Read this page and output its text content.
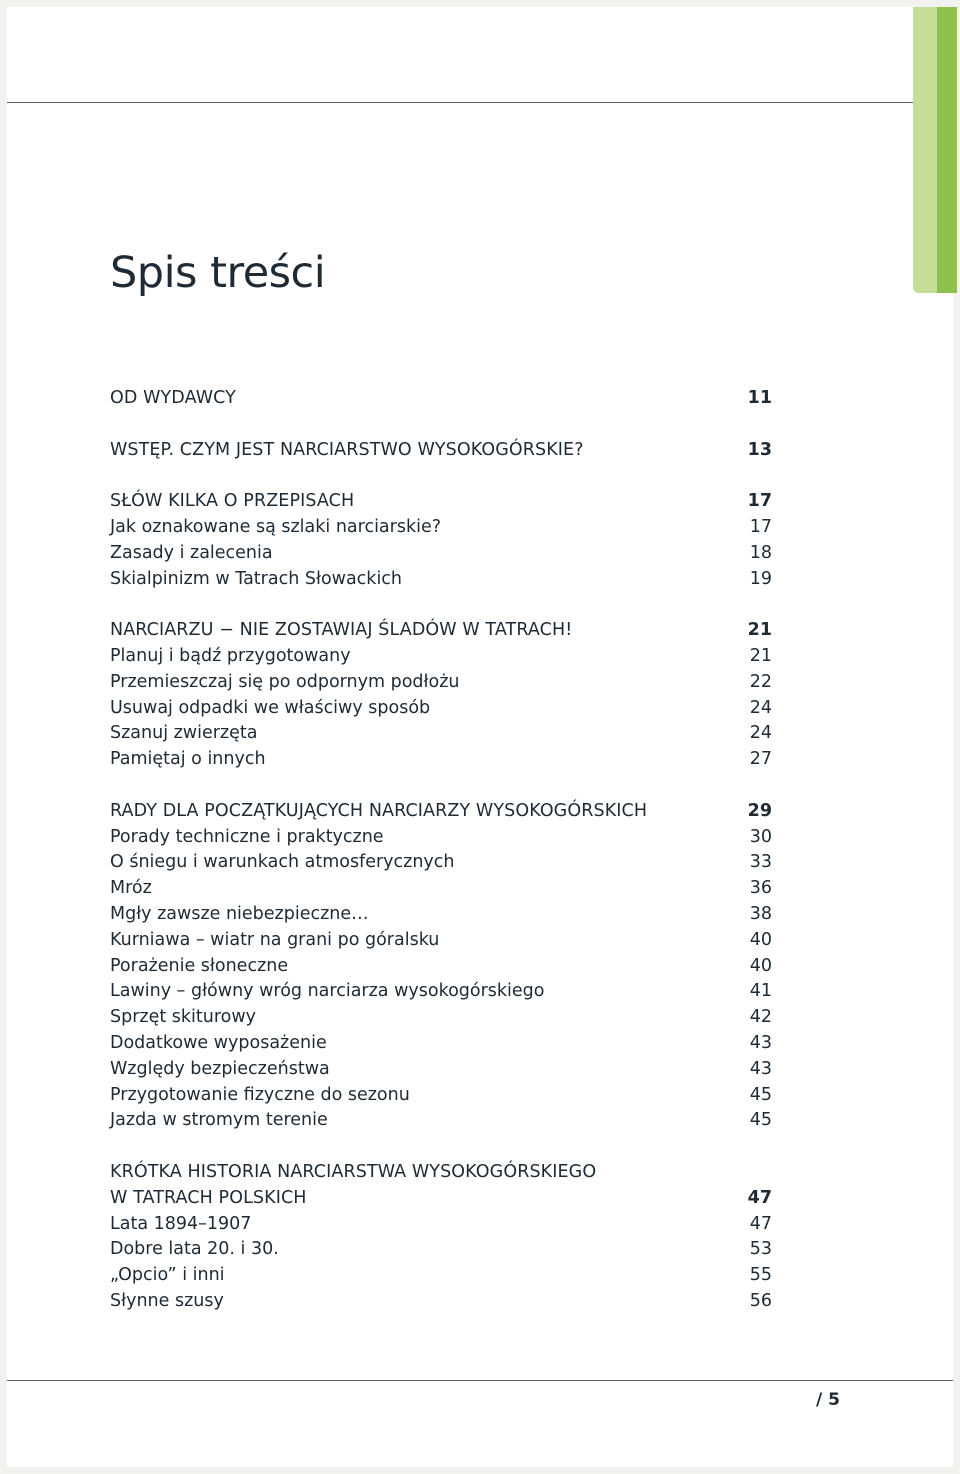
Spis treści
OD WYDAWCY	11
WSTĘP. CZYM JEST NARCIARSTWO WYSOKOGÓRSKIE?	13
SŁÓW KILKA O PRZEPISACH	17
Jak oznakowane są szlaki narciarskie?	17
Zasady i zalecenia	18
Skialpinizm w Tatrach Słowackich	19
NARCIARZU − NIE ZOSTAWIAJ ŚLADÓW W TATRACH!	21
Planuj i bądź przygotowany	21
Przemieszczaj się po odpornym podłożu	22
Usuwaj odpadki we właściwy sposób	24
Szanuj zwierzęta	24
Pamiętaj o innych	27
RADY DLA POCZĄTKUJĄCYCH NARCIARZY WYSOKOGÓRSKICH	29
Porady techniczne i praktyczne	30
O śniegu i warunkach atmosferycznych	33
Mróz	36
Mgły zawsze niebezpieczne…	38
Kurniawa – wiatr na grani po góralsku	40
Porażenie słoneczne	40
Lawiny – główny wróg narciarza wysokogórskiego	41
Sprzęt skiturowy	42
Dodatkowe wyposażenie	43
Względy bezpieczeństwa	43
Przygotowanie fizyczne do sezonu	45
Jazda w stromym terenie	45
KRÓTKA HISTORIA NARCIARSTWA WYSOKOGÓRSKIEGO
W TATRACH POLSKICH	47
Lata 1894–1907	47
Dobre lata 20. i 30.	53
„Opcio” i inni	55
Słynne szusy	56
/ 5
